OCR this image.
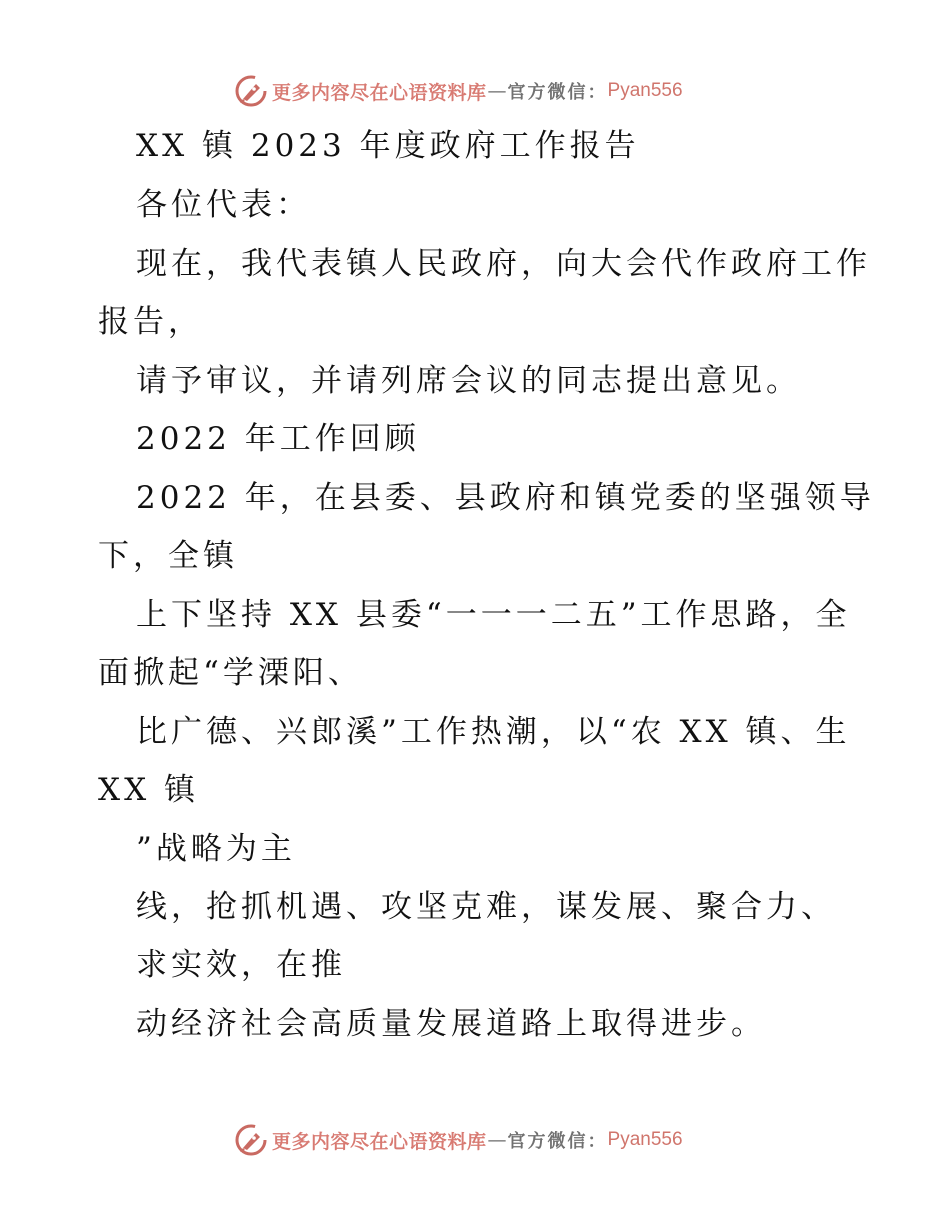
更多内容尽在心语资料库 — 官方微信： Pyan556
XX 镇 2023 年度政府工作报告
各位代表：
现在，我代表镇人民政府，向大会代作政府工作
报告，
请予审议，并请列席会议的同志提出意见。
2022 年工作回顾
2022 年，在县委、县政府和镇党委的坚强领导
下，全镇
上下坚持 XX 县委“一一一二五”工作思路，全
面掀起“学溧阳、
比广德、兴郎溪”工作热潮，以“农 XX 镇、生
XX 镇
”战略为主
线，抢抓机遇、攻坚克难，谋发展、聚合力、
求实效，在推
动经济社会高质量发展道路上取得进步。
更多内容尽在心语资料库 — 官方微信： Pyan556
